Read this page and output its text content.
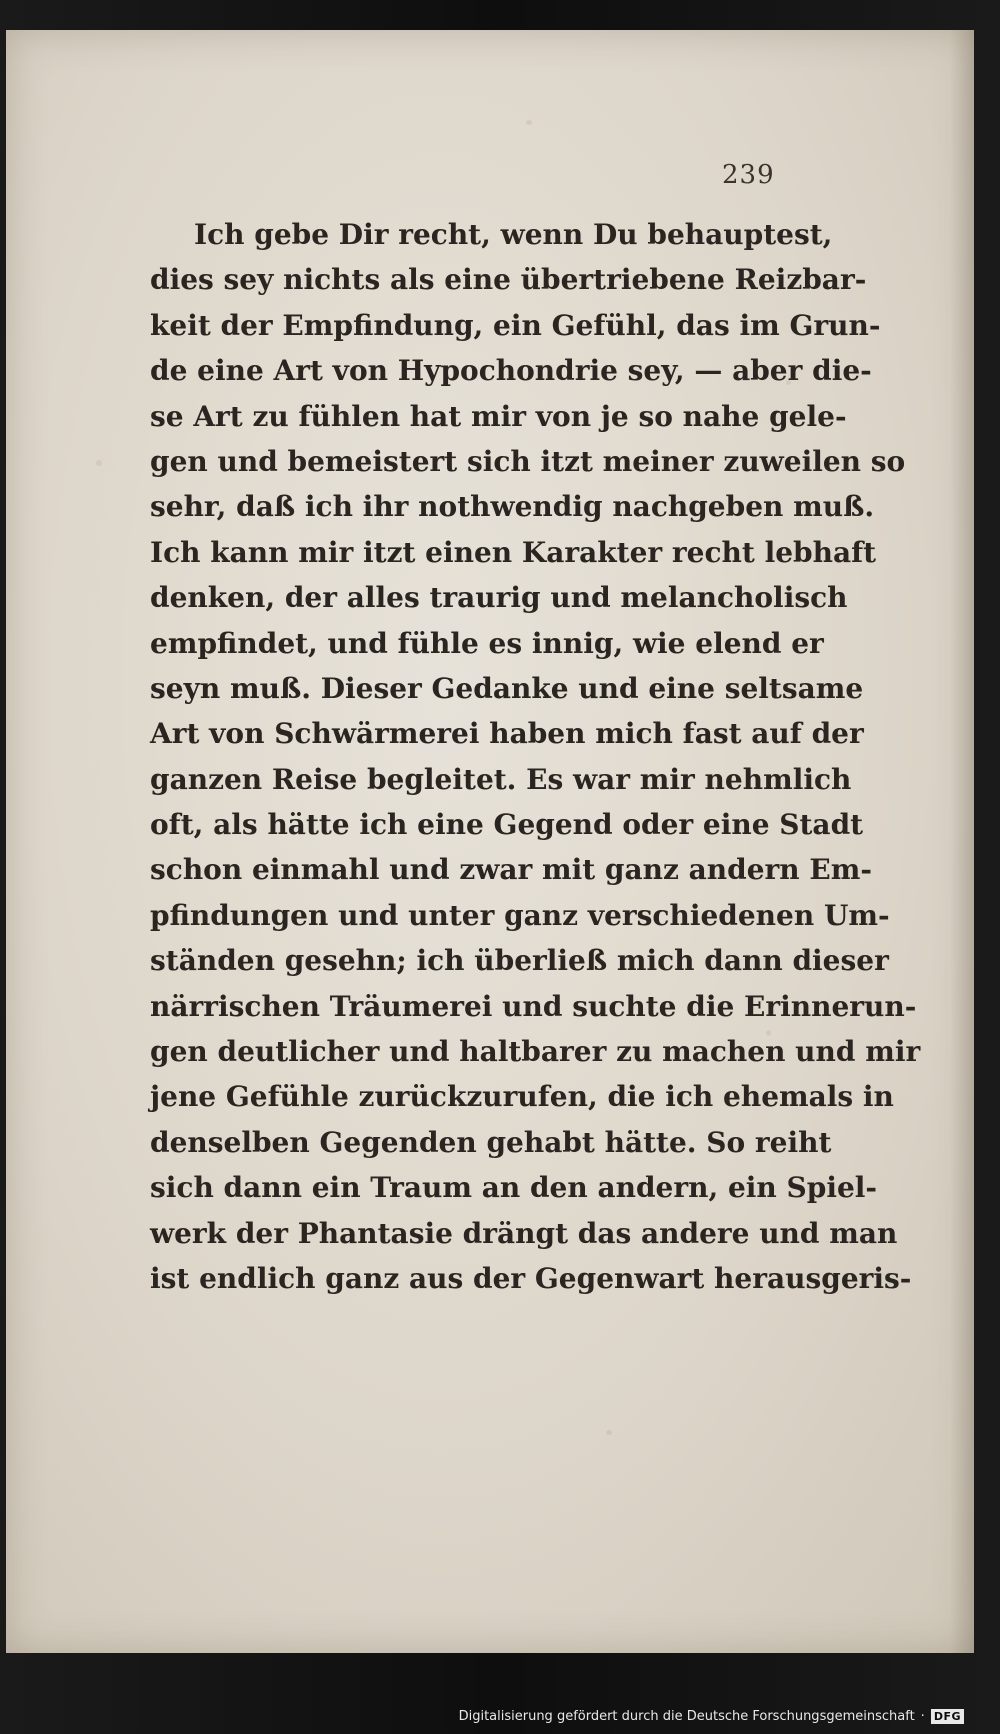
239
Ich gebe Dir recht, wenn Du behauptest,
dies sey nichts als eine übertriebene Reizbar-
keit der Empfindung, ein Gefühl, das im Grun-
de eine Art von Hypochondrie sey, — aber die-
se Art zu fühlen hat mir von je so nahe gele-
gen und bemeistert sich itzt meiner zuweilen so
sehr, daß ich ihr nothwendig nachgeben muß.
Ich kann mir itzt einen Karakter recht lebhaft
denken, der alles traurig und melancholisch
empfindet, und fühle es innig, wie elend er
seyn muß. Dieser Gedanke und eine seltsame
Art von Schwärmerei haben mich fast auf der
ganzen Reise begleitet. Es war mir nehmlich
oft, als hätte ich eine Gegend oder eine Stadt
schon einmahl und zwar mit ganz andern Em-
pfindungen und unter ganz verschiedenen Um-
ständen gesehn; ich überließ mich dann dieser
närrischen Träumerei und suchte die Erinnerun-
gen deutlicher und haltbarer zu machen und mir
jene Gefühle zurückzurufen, die ich ehemals in
denselben Gegenden gehabt hätte. So reiht
sich dann ein Traum an den andern, ein Spiel-
werk der Phantasie drängt das andere und man
ist endlich ganz aus der Gegenwart herausgeris-
Digitalisierung gefördert durch die Deutsche Forschungsgemeinschaft · DFG
